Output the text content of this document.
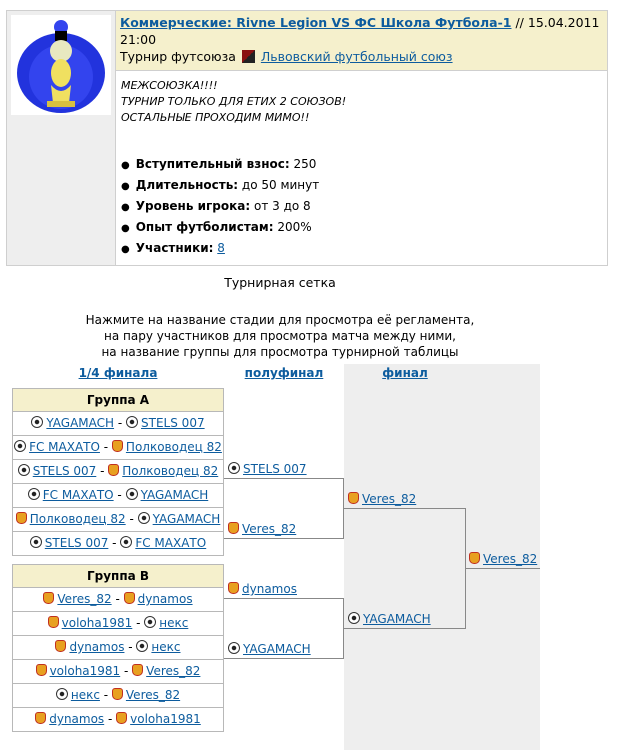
Коммерческие: Rivne Legion VS ФС Школа Футбола-1 // 15.04.2011 21:00
Турнир футсоюза Львовский футбольный союз

МЕЖСОЮЗКА!!!!
ТУРНИР ТОЛЬКО ДЛЯ ЕТИХ 2 СОЮЗОВ!
ОСТАЛЬНЫЕ ПРОХОДИМ МИМО!!

● Вступительный взнос: 250
● Длительность: до 50 минут
● Уровень игрока: от 3 до 8
● Опыт футболистам: 200%
● Участники: 8
Турнирная сетка
Нажмите на название стадии для просмотра её регламента,
на пару участников для просмотра матча между ними,
на название группы для просмотра турнирной таблицы
1/4 финала	полуфинал	финал
Группа A
YAGAMACH - STELS 007
FC МАХАТО - Полководец 82
STELS 007 - Полководец 82
FC МАХАТО - YAGAMACH
Полководец 82 - YAGAMACH
STELS 007 - FC МАХАТО
Группа B
Veres_82 - dynamos
voloha1981 - некс
dynamos - некс
voloha1981 - Veres_82
некс - Veres_82
dynamos - voloha1981
STELS 007
Veres_82
dynamos
YAGAMACH
Veres_82
YAGAMACH
Veres_82
